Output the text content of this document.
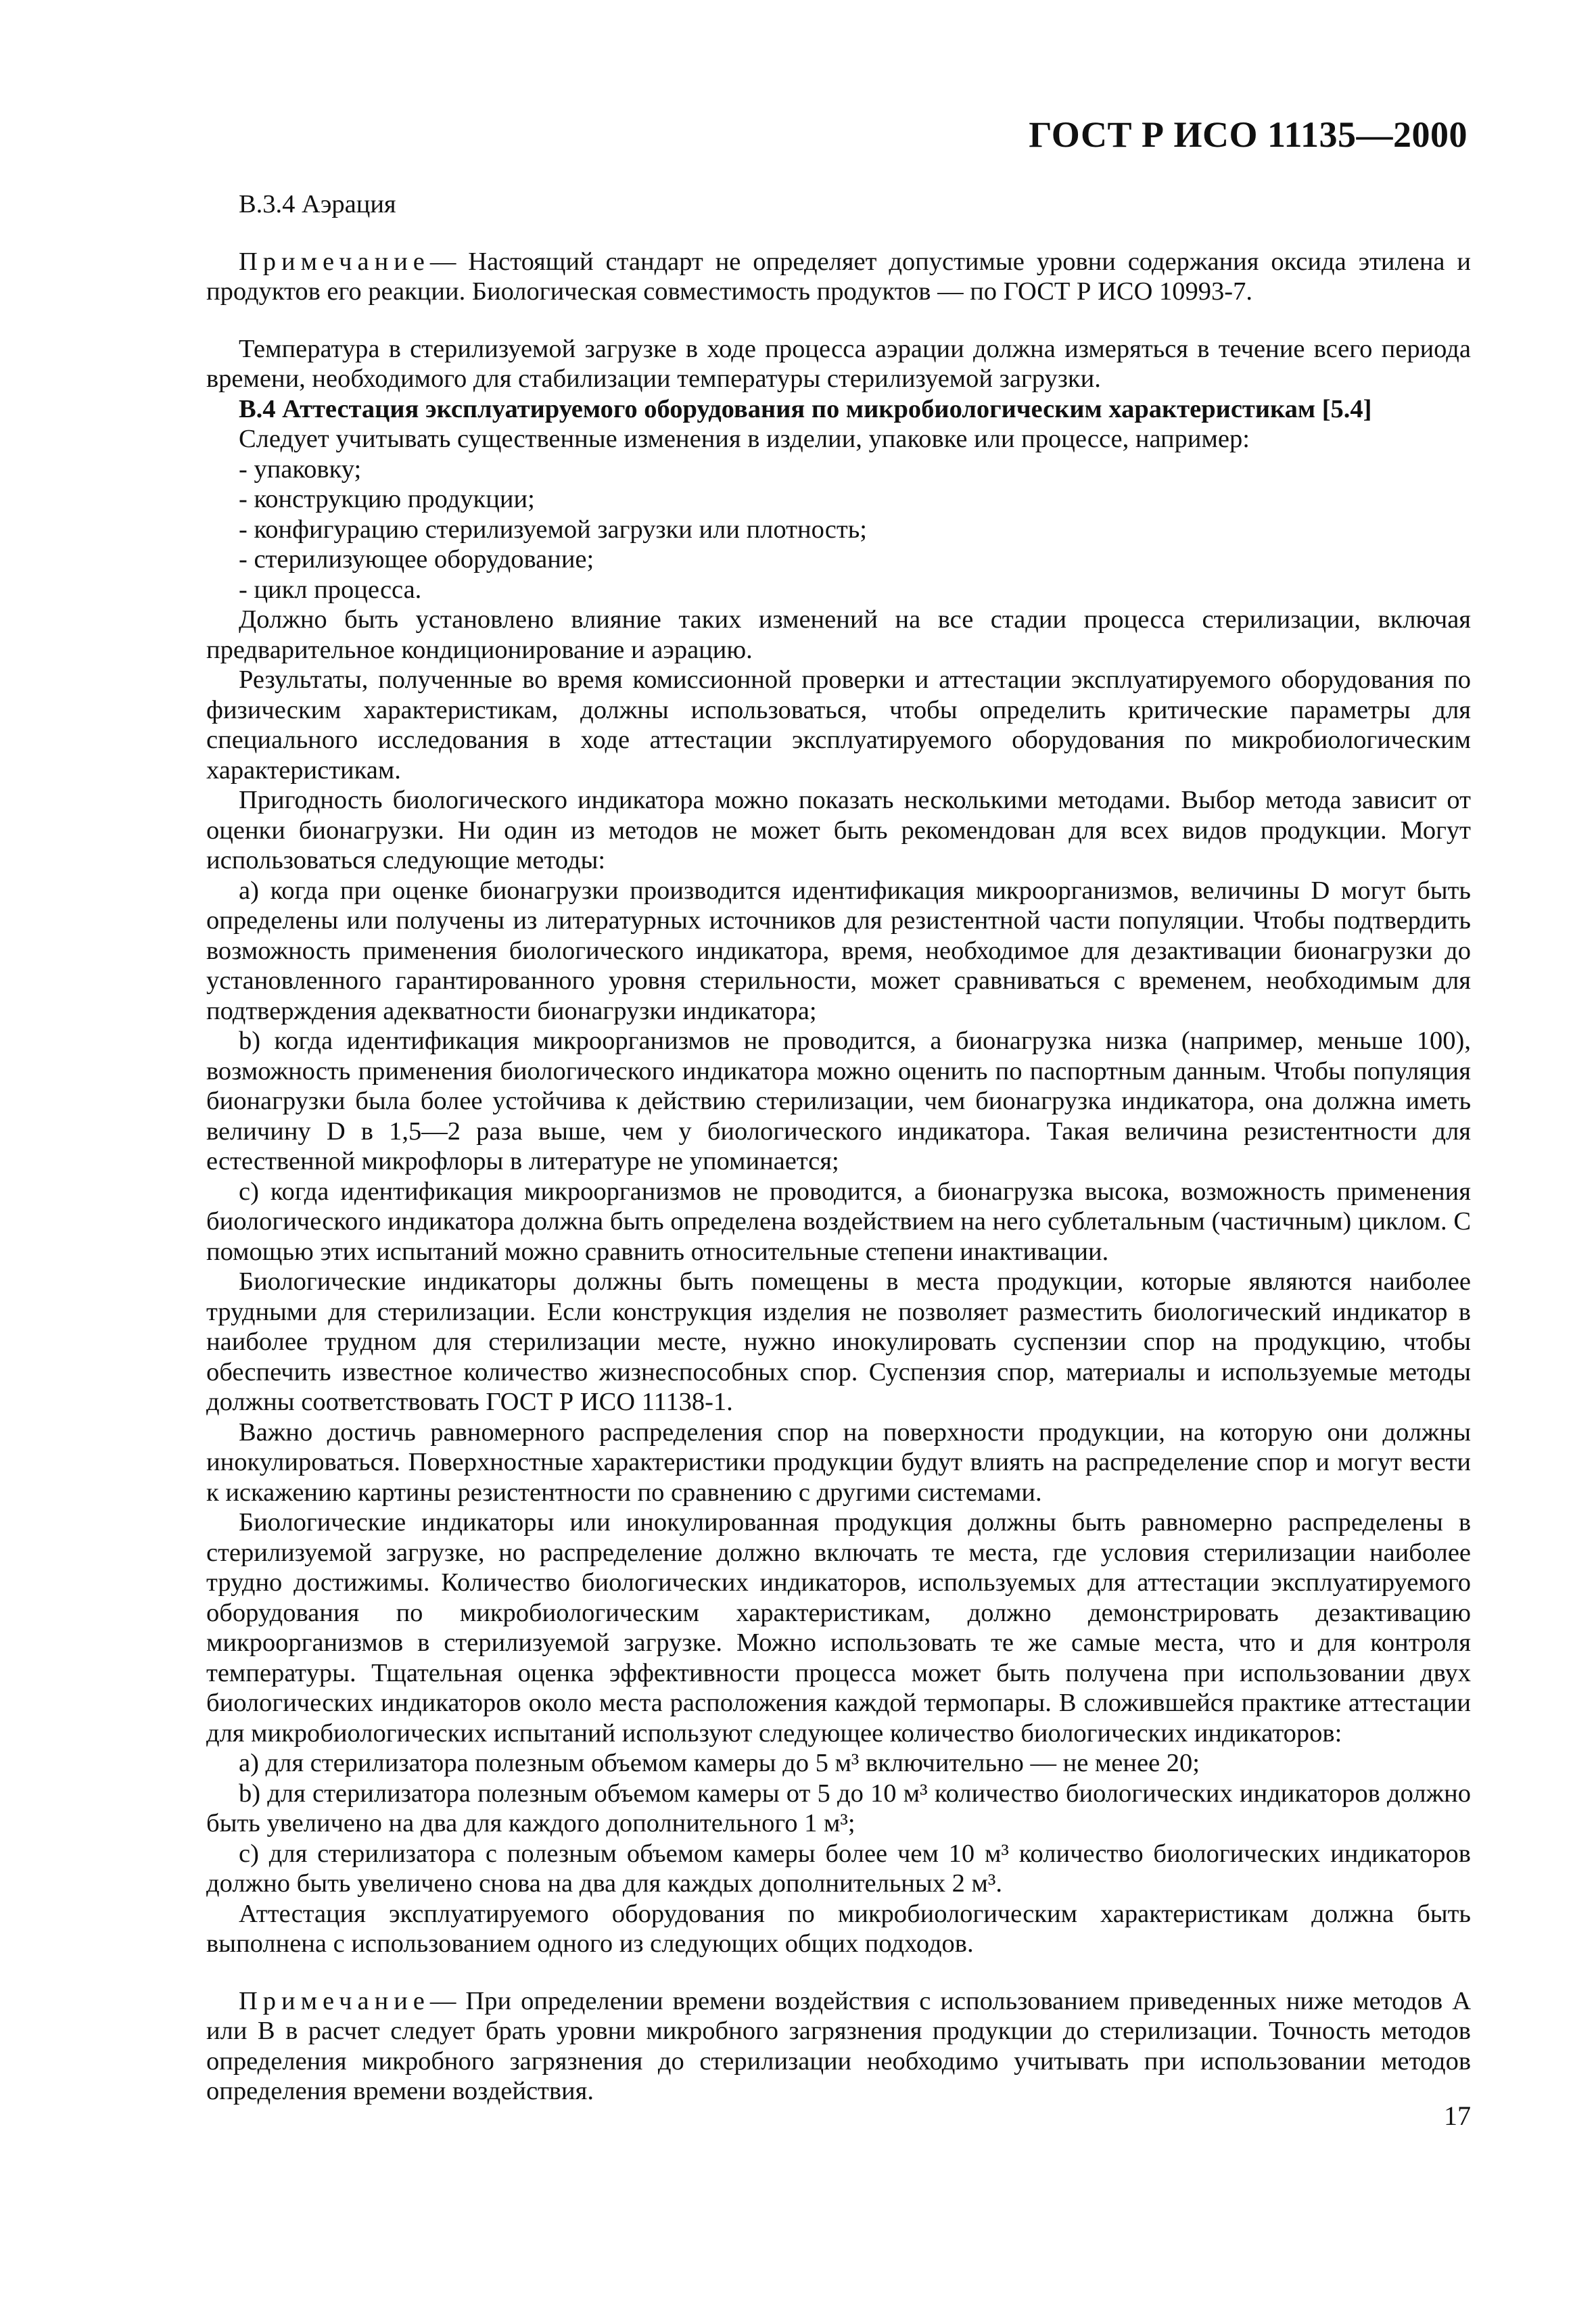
ГОСТ Р ИСО 11135—2000

В.3.4 Аэрация

Примечание— Настоящий стандарт не определяет допустимые уровни содержания оксида этилена и продуктов его реакции. Биологическая совместимость продуктов — по ГОСТ Р ИСО 10993-7.

Температура в стерилизуемой загрузке в ходе процесса аэрации должна измеряться в течение всего периода времени, необходимого для стабилизации температуры стерилизуемой загрузки.

В.4 Аттестация эксплуатируемого оборудования по микробиологическим характеристикам [5.4]

Следует учитывать существенные изменения в изделии, упаковке или процессе, например:

- упаковку;

- конструкцию продукции;

- конфигурацию стерилизуемой загрузки или плотность;

- стерилизующее оборудование;

- цикл процесса.

Должно быть установлено влияние таких изменений на все стадии процесса стерилизации, включая предварительное кондиционирование и аэрацию.

Результаты, полученные во время комиссионной проверки и аттестации эксплуатируемого оборудования по физическим характеристикам, должны использоваться, чтобы определить критические параметры для специального исследования в ходе аттестации эксплуатируемого оборудования по микробиологическим характеристикам.

Пригодность биологического индикатора можно показать несколькими методами. Выбор метода зависит от оценки бионагрузки. Ни один из методов не может быть рекомендован для всех видов продукции. Могут использоваться следующие методы:

а) когда при оценке бионагрузки производится идентификация микроорганизмов, величины D могут быть определены или получены из литературных источников для резистентной части популяции. Чтобы подтвердить возможность применения биологического индикатора, время, необходимое для дезактивации бионагрузки до установленного гарантированного уровня стерильности, может сравниваться с временем, необходимым для подтверждения адекватности бионагрузки индикатора;

b) когда идентификация микроорганизмов не проводится, а бионагрузка низка (например, меньше 100), возможность применения биологического индикатора можно оценить по паспортным данным. Чтобы популяция бионагрузки была более устойчива к действию стерилизации, чем бионагрузка индикатора, она должна иметь величину D в 1,5—2 раза выше, чем у биологического индикатора. Такая величина резистентности для естественной микрофлоры в литературе не упоминается;

с) когда идентификация микроорганизмов не проводится, а бионагрузка высока, возможность применения биологического индикатора должна быть определена воздействием на него сублетальным (частичным) циклом. С помощью этих испытаний можно сравнить относительные степени инактивации.

Биологические индикаторы должны быть помещены в места продукции, которые являются наиболее трудными для стерилизации. Если конструкция изделия не позволяет разместить биологический индикатор в наиболее трудном для стерилизации месте, нужно инокулировать суспензии спор на продукцию, чтобы обеспечить известное количество жизнеспособных спор. Суспензия спор, материалы и используемые методы должны соответствовать ГОСТ Р ИСО 11138-1.

Важно достичь равномерного распределения спор на поверхности продукции, на которую они должны инокулироваться. Поверхностные характеристики продукции будут влиять на распределение спор и могут вести к искажению картины резистентности по сравнению с другими системами.

Биологические индикаторы или инокулированная продукция должны быть равномерно распределены в стерилизуемой загрузке, но распределение должно включать те места, где условия стерилизации наиболее трудно достижимы. Количество биологических индикаторов, используемых для аттестации эксплуатируемого оборудования по микробиологическим характеристикам, должно демонстрировать дезактивацию микроорганизмов в стерилизуемой загрузке. Можно использовать те же самые места, что и для контроля температуры. Тщательная оценка эффективности процесса может быть получена при использовании двух биологических индикаторов около места расположения каждой термопары. В сложившейся практике аттестации для микробиологических испытаний используют следующее количество биологических индикаторов:

а) для стерилизатора полезным объемом камеры до 5 м³ включительно — не менее 20;

b) для стерилизатора полезным объемом камеры от 5 до 10 м³ количество биологических индикаторов должно быть увеличено на два для каждого дополнительного 1 м³;

с) для стерилизатора с полезным объемом камеры более чем 10 м³ количество биологических индикаторов должно быть увеличено снова на два для каждых дополнительных 2 м³.

Аттестация эксплуатируемого оборудования по микробиологическим характеристикам должна быть выполнена с использованием одного из следующих общих подходов.

Примечание— При определении времени воздействия с использованием приведенных ниже методов А или В в расчет следует брать уровни микробного загрязнения продукции до стерилизации. Точность методов определения микробного загрязнения до стерилизации необходимо учитывать при использовании методов определения времени воздействия.

17
